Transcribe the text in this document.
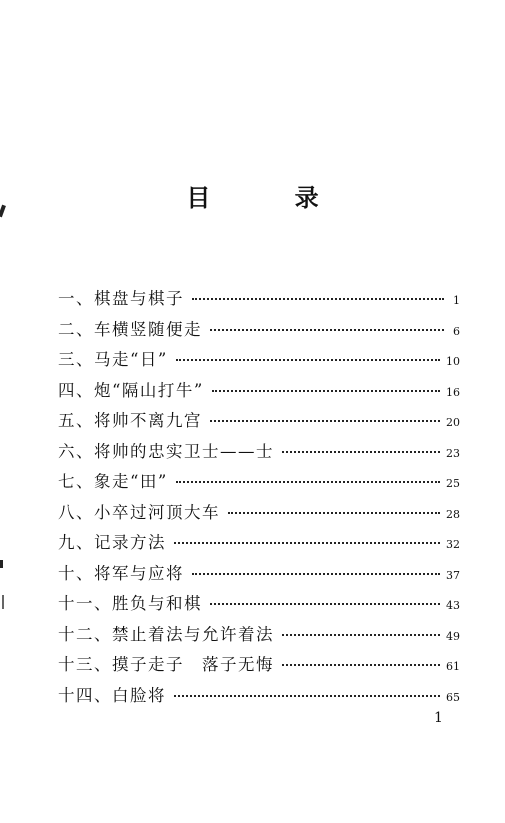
目 录
一、棋盘与棋子	1
二、车横竖随便走	6
三、马走“日”	10
四、炮“隔山打牛”	16
五、将帅不离九宫	20
六、将帅的忠实卫士——士	23
七、象走“田”	25
八、小卒过河顶大车	28
九、记录方法	32
十、将军与应将	37
十一、胜负与和棋	43
十二、禁止着法与允许着法	49
十三、摸子走子　落子无悔	61
十四、白脸将	65
1
